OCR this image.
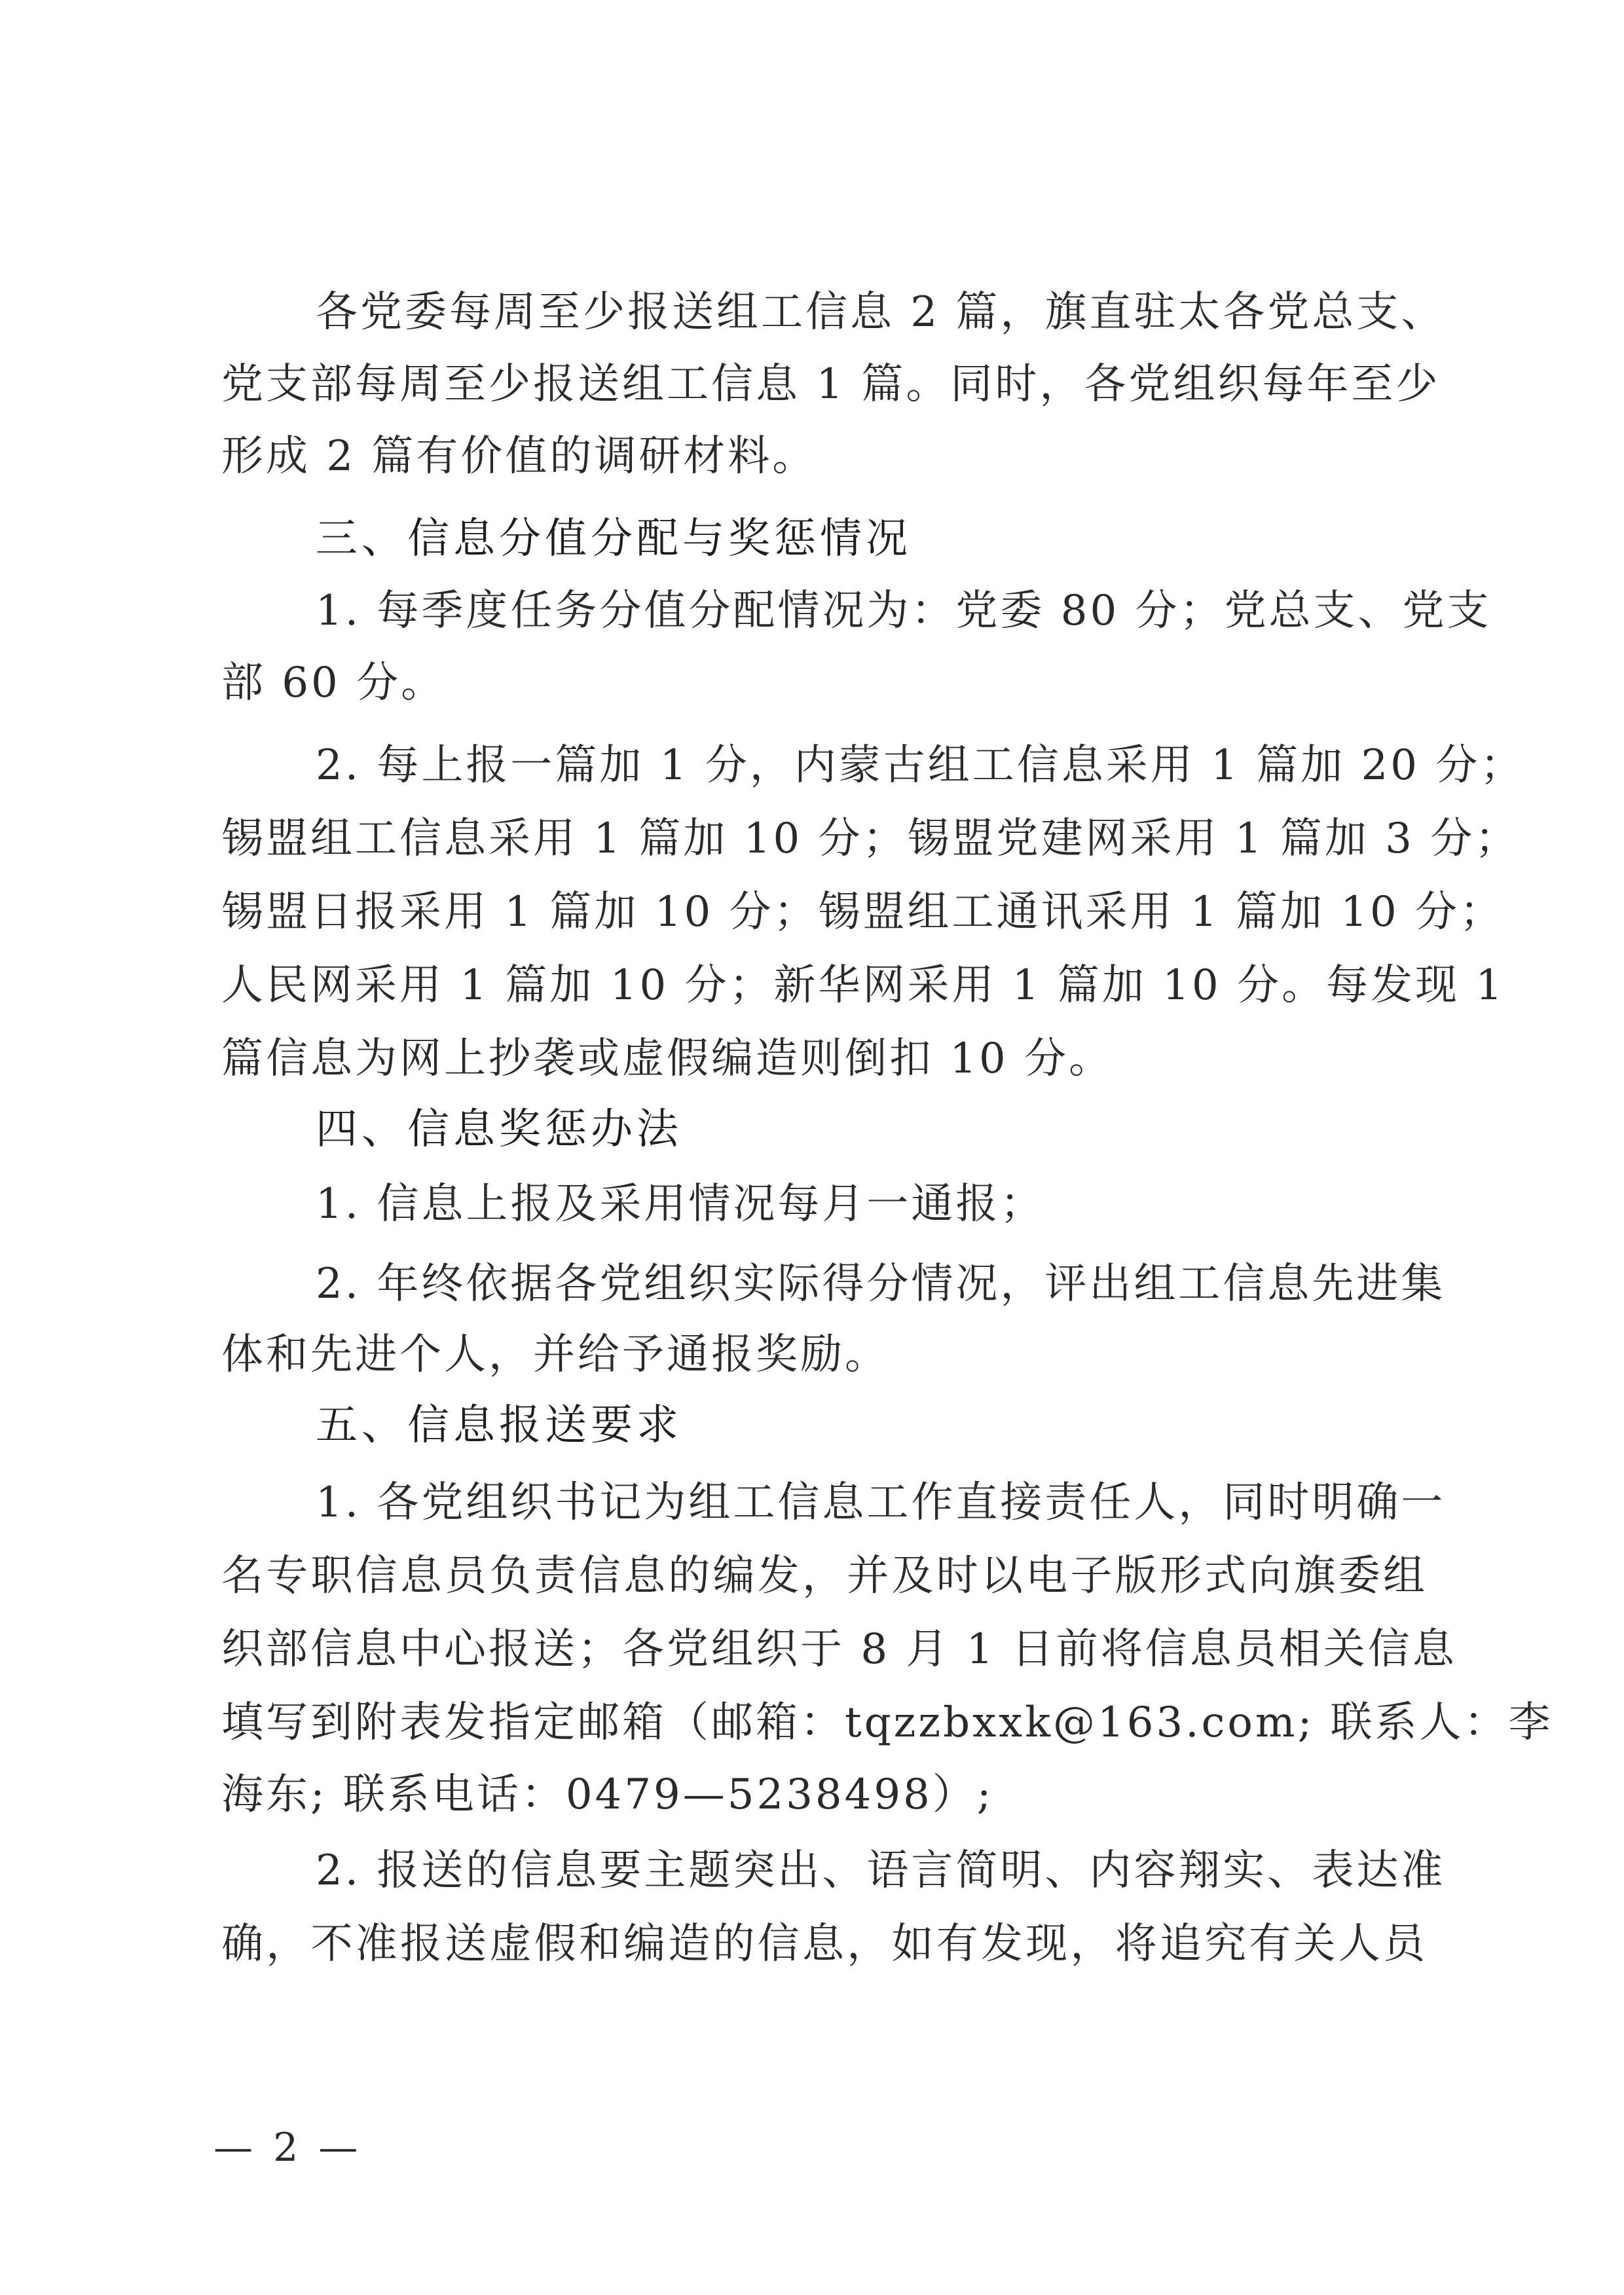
各党委每周至少报送组工信息 2 篇，旗直驻太各党总支、
党支部每周至少报送组工信息 1 篇。同时，各党组织每年至少
形成 2 篇有价值的调研材料。
三、信息分值分配与奖惩情况
1. 每季度任务分值分配情况为：党委 80 分；党总支、党支
部 60 分。
2. 每上报一篇加 1 分，内蒙古组工信息采用 1 篇加 20 分；
锡盟组工信息采用 1 篇加 10 分；锡盟党建网采用 1 篇加 3 分；
锡盟日报采用 1 篇加 10 分；锡盟组工通讯采用 1 篇加 10 分；
人民网采用 1 篇加 10 分；新华网采用 1 篇加 10 分。每发现 1
篇信息为网上抄袭或虚假编造则倒扣 10 分。
四、信息奖惩办法
1. 信息上报及采用情况每月一通报；
2. 年终依据各党组织实际得分情况，评出组工信息先进集
体和先进个人，并给予通报奖励。
五、信息报送要求
1. 各党组织书记为组工信息工作直接责任人，同时明确一
名专职信息员负责信息的编发，并及时以电子版形式向旗委组
织部信息中心报送；各党组织于 8 月 1 日前将信息员相关信息
填写到附表发指定邮箱（邮箱：tqzzbxxk@163.com; 联系人：李
海东; 联系电话：0479—5238498）;
2. 报送的信息要主题突出、语言简明、内容翔实、表达准
确，不准报送虚假和编造的信息，如有发现，将追究有关人员
— 2 —
